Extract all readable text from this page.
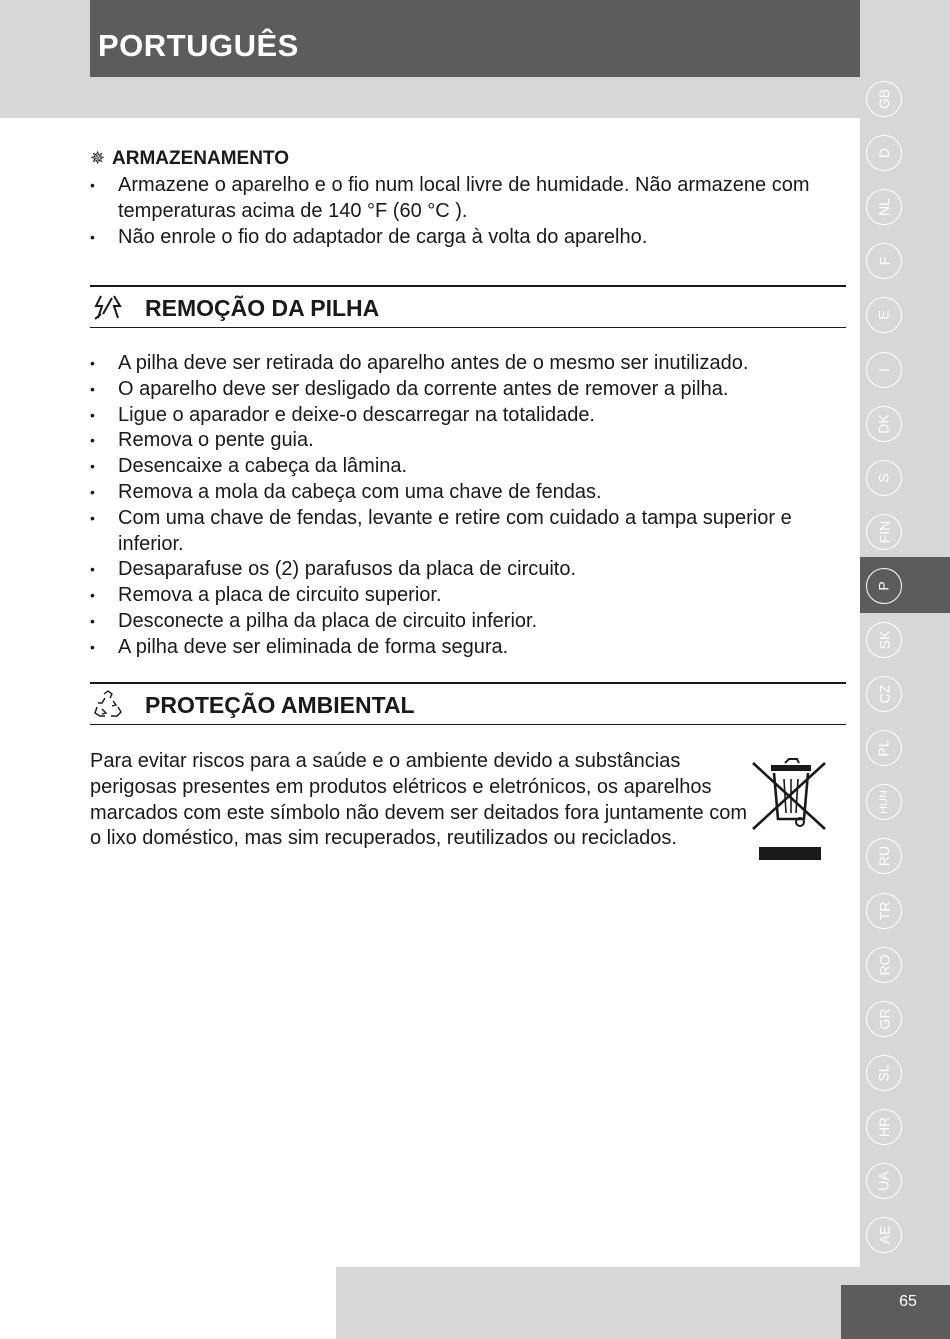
PORTUGUÊS
GB
D
NL
F
E
I
DK
S
FIN
P
SK
CZ
PL
HUN
RU
TR
RO
GR
SL
HR
UA
AE
✵ ARMAZENAMENTO
• Armazene o aparelho e o fio num local livre de humidade. Não armazene com temperaturas acima de 140 °F (60 °C ).
• Não enrole o fio do adaptador de carga à volta do aparelho.
REMOÇÃO DA PILHA
• A pilha deve ser retirada do aparelho antes de o mesmo ser inutilizado.
• O aparelho deve ser desligado da corrente antes de remover a pilha.
• Ligue o aparador e deixe-o descarregar na totalidade.
• Remova o pente guia.
• Desencaixe a cabeça da lâmina.
• Remova a mola da cabeça com uma chave de fendas.
• Com uma chave de fendas, levante e retire com cuidado a tampa superior e inferior.
• Desaparafuse os (2) parafusos da placa de circuito.
• Remova a placa de circuito superior.
• Desconecte a pilha da placa de circuito inferior.
• A pilha deve ser eliminada de forma segura.
PROTEÇÃO AMBIENTAL

Para evitar riscos para a saúde e o ambiente devido a substâncias perigosas presentes em produtos elétricos e eletrónicos, os aparelhos marcados com este símbolo não devem ser deitados fora juntamente com o lixo doméstico, mas sim recuperados, reutilizados ou reciclados.

65
